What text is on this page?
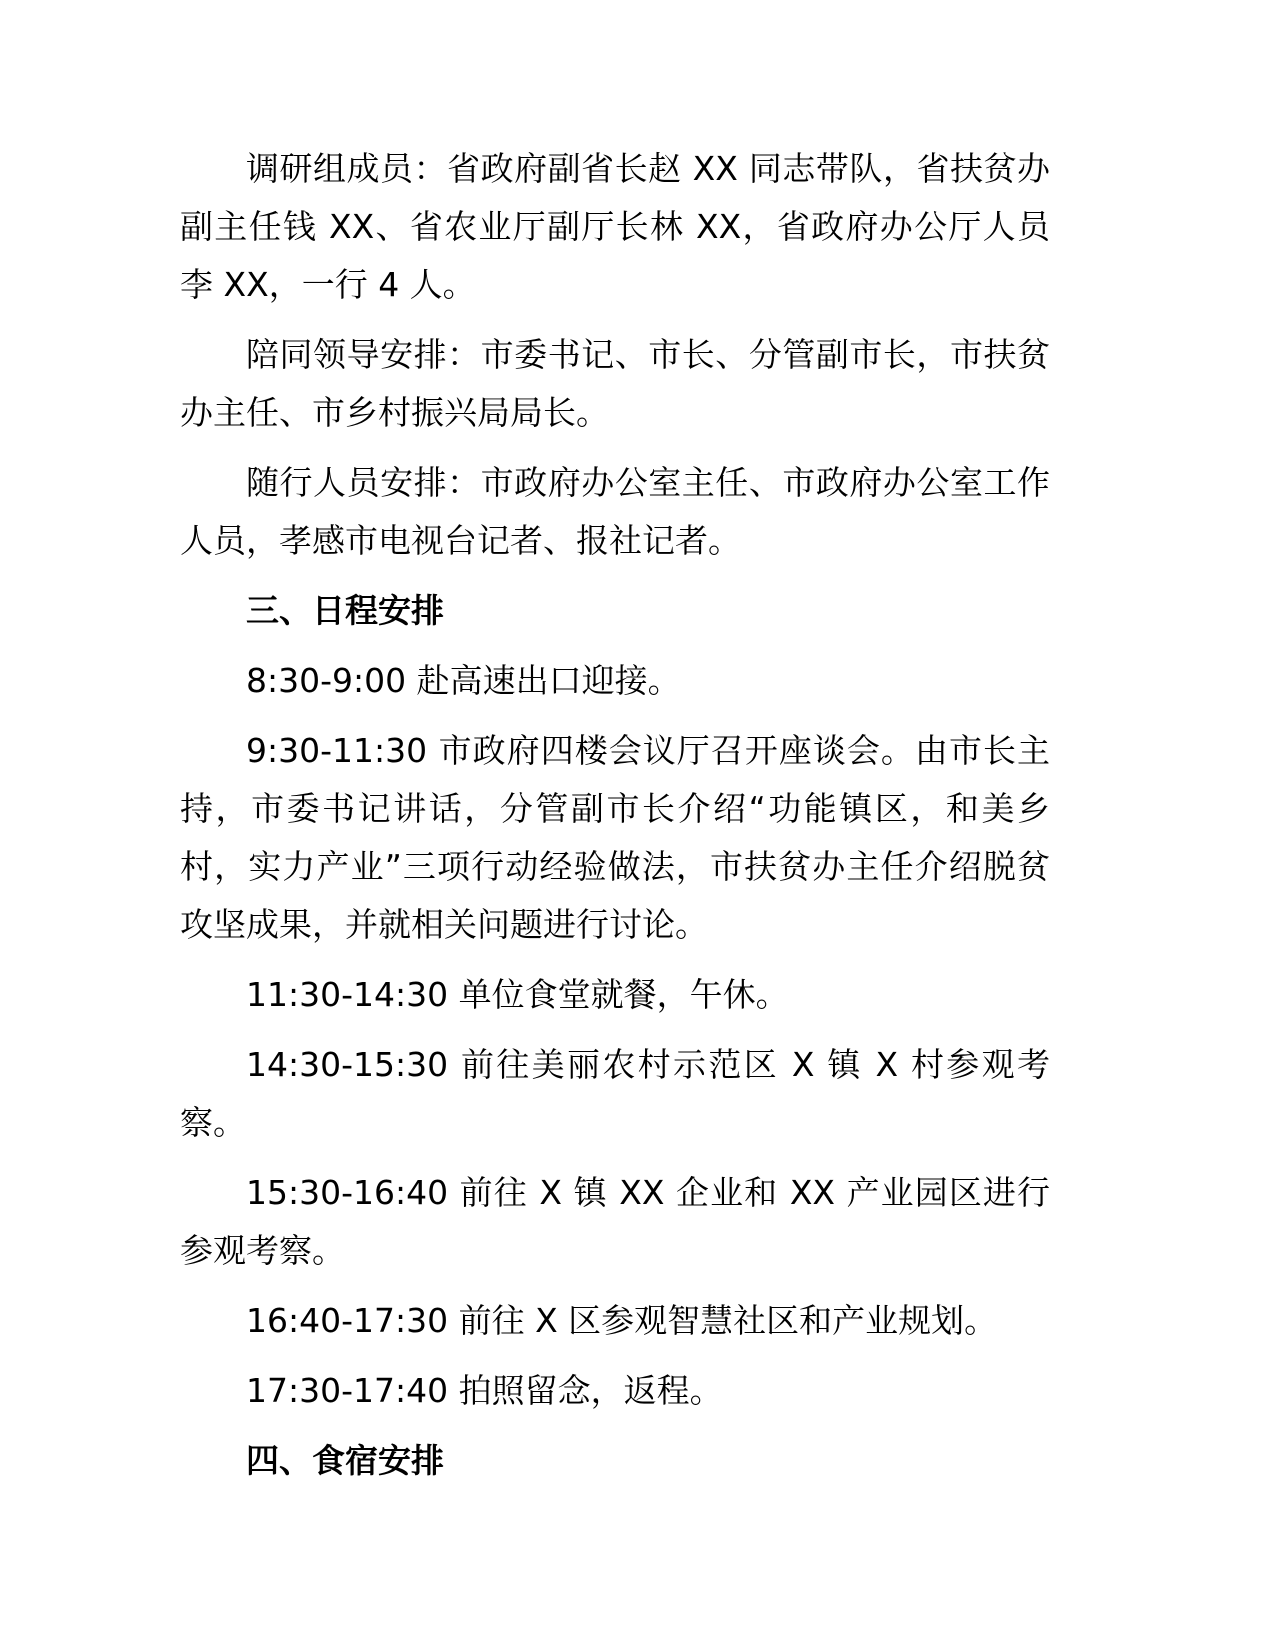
调研组成员：省政府副省长赵 XX 同志带队，省扶贫办副主任钱 XX、省农业厅副厅长林 XX，省政府办公厅人员李 XX，一行 4 人。

陪同领导安排：市委书记、市长、分管副市长，市扶贫办主任、市乡村振兴局局长。

随行人员安排：市政府办公室主任、市政府办公室工作人员，孝感市电视台记者、报社记者。

三、日程安排

8:30-9:00 赴高速出口迎接。

9:30-11:30 市政府四楼会议厅召开座谈会。由市长主持，市委书记讲话，分管副市长介绍“功能镇区，和美乡村，实力产业”三项行动经验做法，市扶贫办主任介绍脱贫攻坚成果，并就相关问题进行讨论。

11:30-14:30 单位食堂就餐，午休。

14:30-15:30 前往美丽农村示范区 X 镇 X 村参观考察。

15:30-16:40 前往 X 镇 XX 企业和 XX 产业园区进行参观考察。

16:40-17:30 前往 X 区参观智慧社区和产业规划。

17:30-17:40 拍照留念，返程。

四、食宿安排
